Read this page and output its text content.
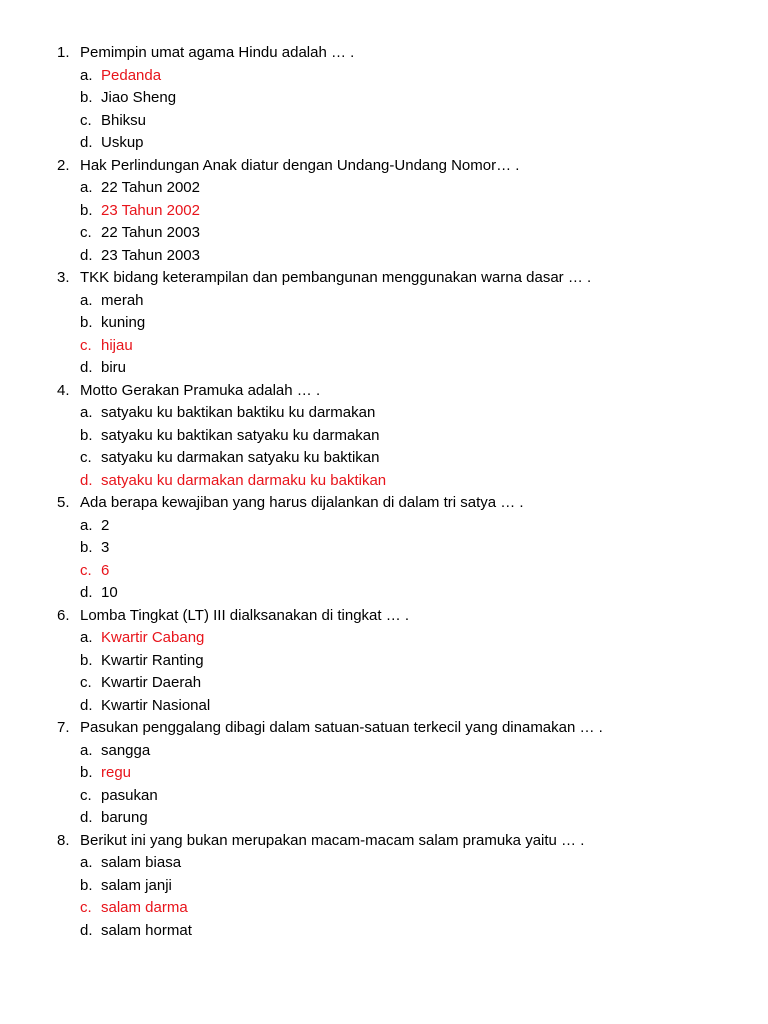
1. Pemimpin umat agama Hindu adalah … .
a. Pedanda
b. Jiao Sheng
c. Bhiksu
d. Uskup
2. Hak Perlindungan Anak diatur dengan Undang-Undang Nomor… .
a. 22 Tahun 2002
b. 23 Tahun 2002
c. 22 Tahun 2003
d. 23 Tahun 2003
3. TKK bidang keterampilan dan pembangunan menggunakan warna dasar … .
a. merah
b. kuning
c. hijau
d. biru
4. Motto Gerakan Pramuka adalah … .
a. satyaku ku baktikan baktiku ku darmakan
b. satyaku ku baktikan satyaku ku darmakan
c. satyaku ku darmakan satyaku ku baktikan
d. satyaku ku darmakan darmaku ku baktikan
5. Ada berapa kewajiban yang harus dijalankan di dalam tri satya … .
a. 2
b. 3
c. 6
d. 10
6. Lomba Tingkat (LT) III dialksanakan di tingkat … .
a. Kwartir Cabang
b. Kwartir Ranting
c. Kwartir Daerah
d. Kwartir Nasional
7. Pasukan penggalang dibagi dalam satuan-satuan terkecil yang dinamakan … .
a. sangga
b. regu
c. pasukan
d. barung
8. Berikut ini yang bukan merupakan macam-macam salam pramuka yaitu … .
a. salam biasa
b. salam janji
c. salam darma
d. salam hormat
